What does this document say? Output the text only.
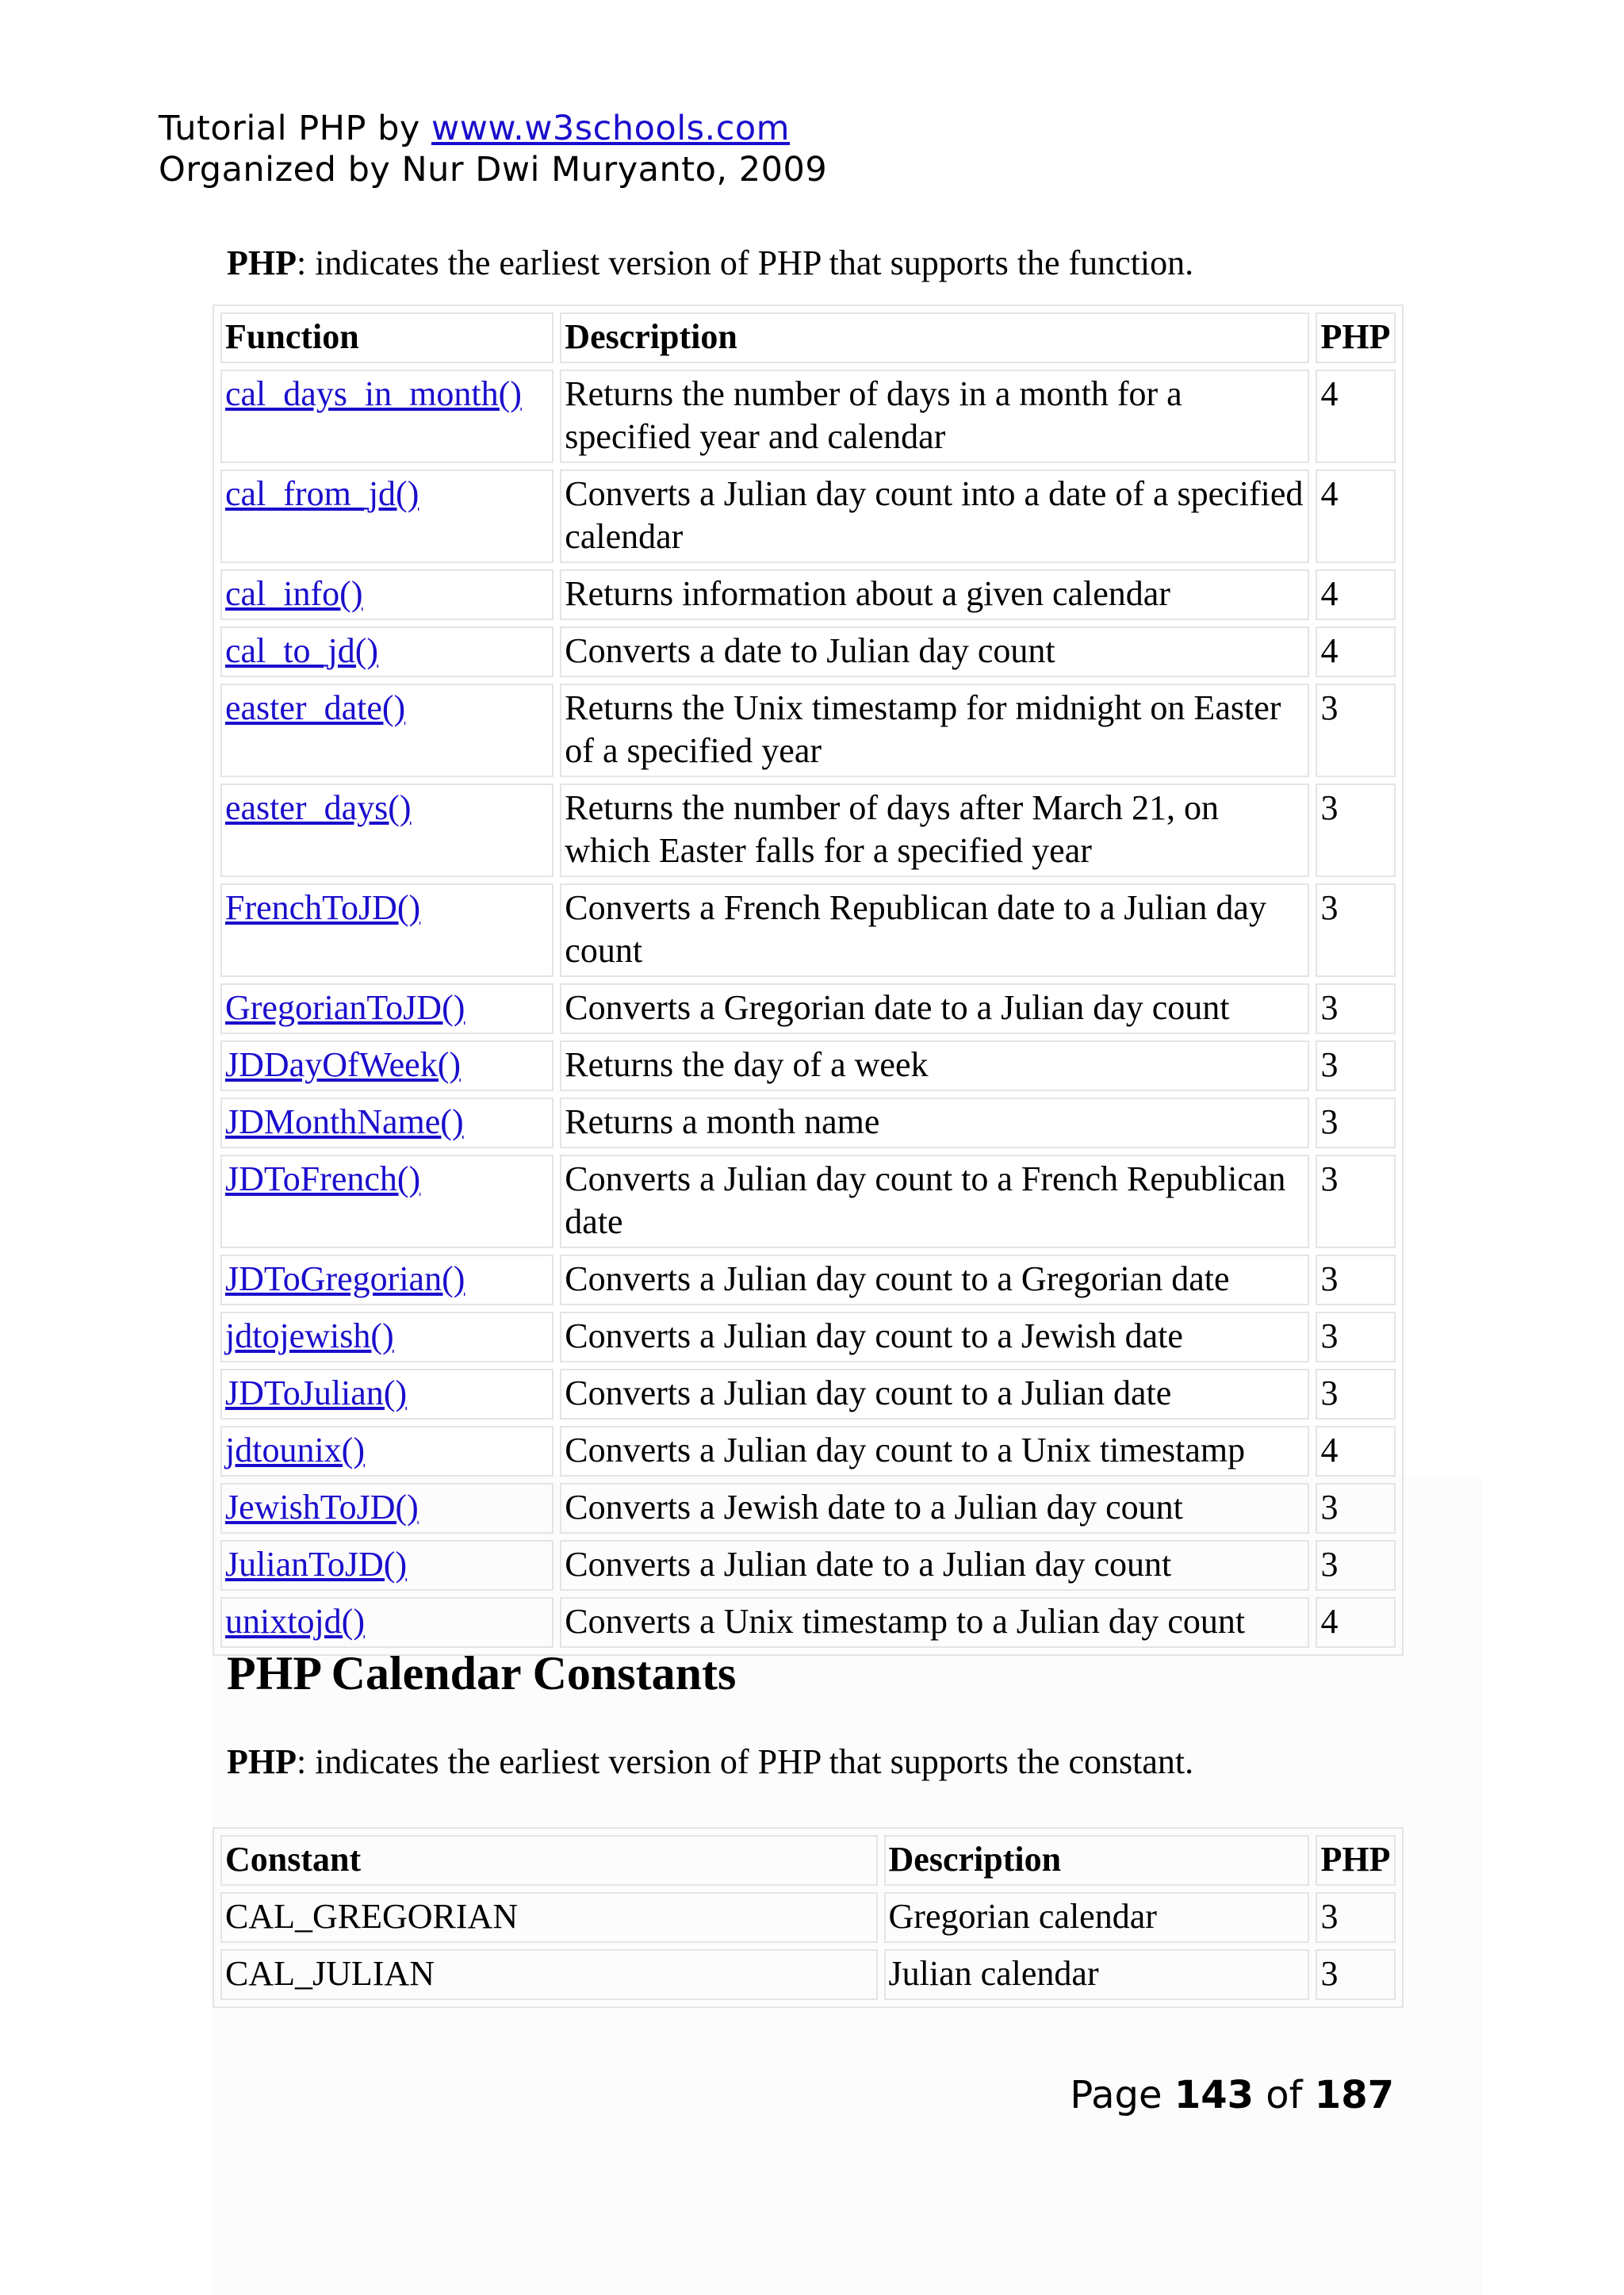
Tutorial PHP by www.w3schools.com
Organized by Nur Dwi Muryanto, 2009
PHP: indicates the earliest version of PHP that supports the function.
Function	Description	PHP
cal_days_in_month()	Returns the number of days in a month for a specified year and calendar	4
cal_from_jd()	Converts a Julian day count into a date of a specified calendar	4
cal_info()	Returns information about a given calendar	4
cal_to_jd()	Converts a date to Julian day count	4
easter_date()	Returns the Unix timestamp for midnight on Easter of a specified year	3
easter_days()	Returns the number of days after March 21, on which Easter falls for a specified year	3
FrenchToJD()	Converts a French Republican date to a Julian day count	3
GregorianToJD()	Converts a Gregorian date to a Julian day count	3
JDDayOfWeek()	Returns the day of a week	3
JDMonthName()	Returns a month name	3
JDToFrench()	Converts a Julian day count to a French Republican date	3
JDToGregorian()	Converts a Julian day count to a Gregorian date	3
jdtojewish()	Converts a Julian day count to a Jewish date	3
JDToJulian()	Converts a Julian day count to a Julian date	3
jdtounix()	Converts a Julian day count to a Unix timestamp	4
JewishToJD()	Converts a Jewish date to a Julian day count	3
JulianToJD()	Converts a Julian date to a Julian day count	3
unixtojd()	Converts a Unix timestamp to a Julian day count	4
PHP Calendar Constants
PHP: indicates the earliest version of PHP that supports the constant.
Constant	Description	PHP
CAL_GREGORIAN	Gregorian calendar	3
CAL_JULIAN	Julian calendar	3
Page 143 of 187
